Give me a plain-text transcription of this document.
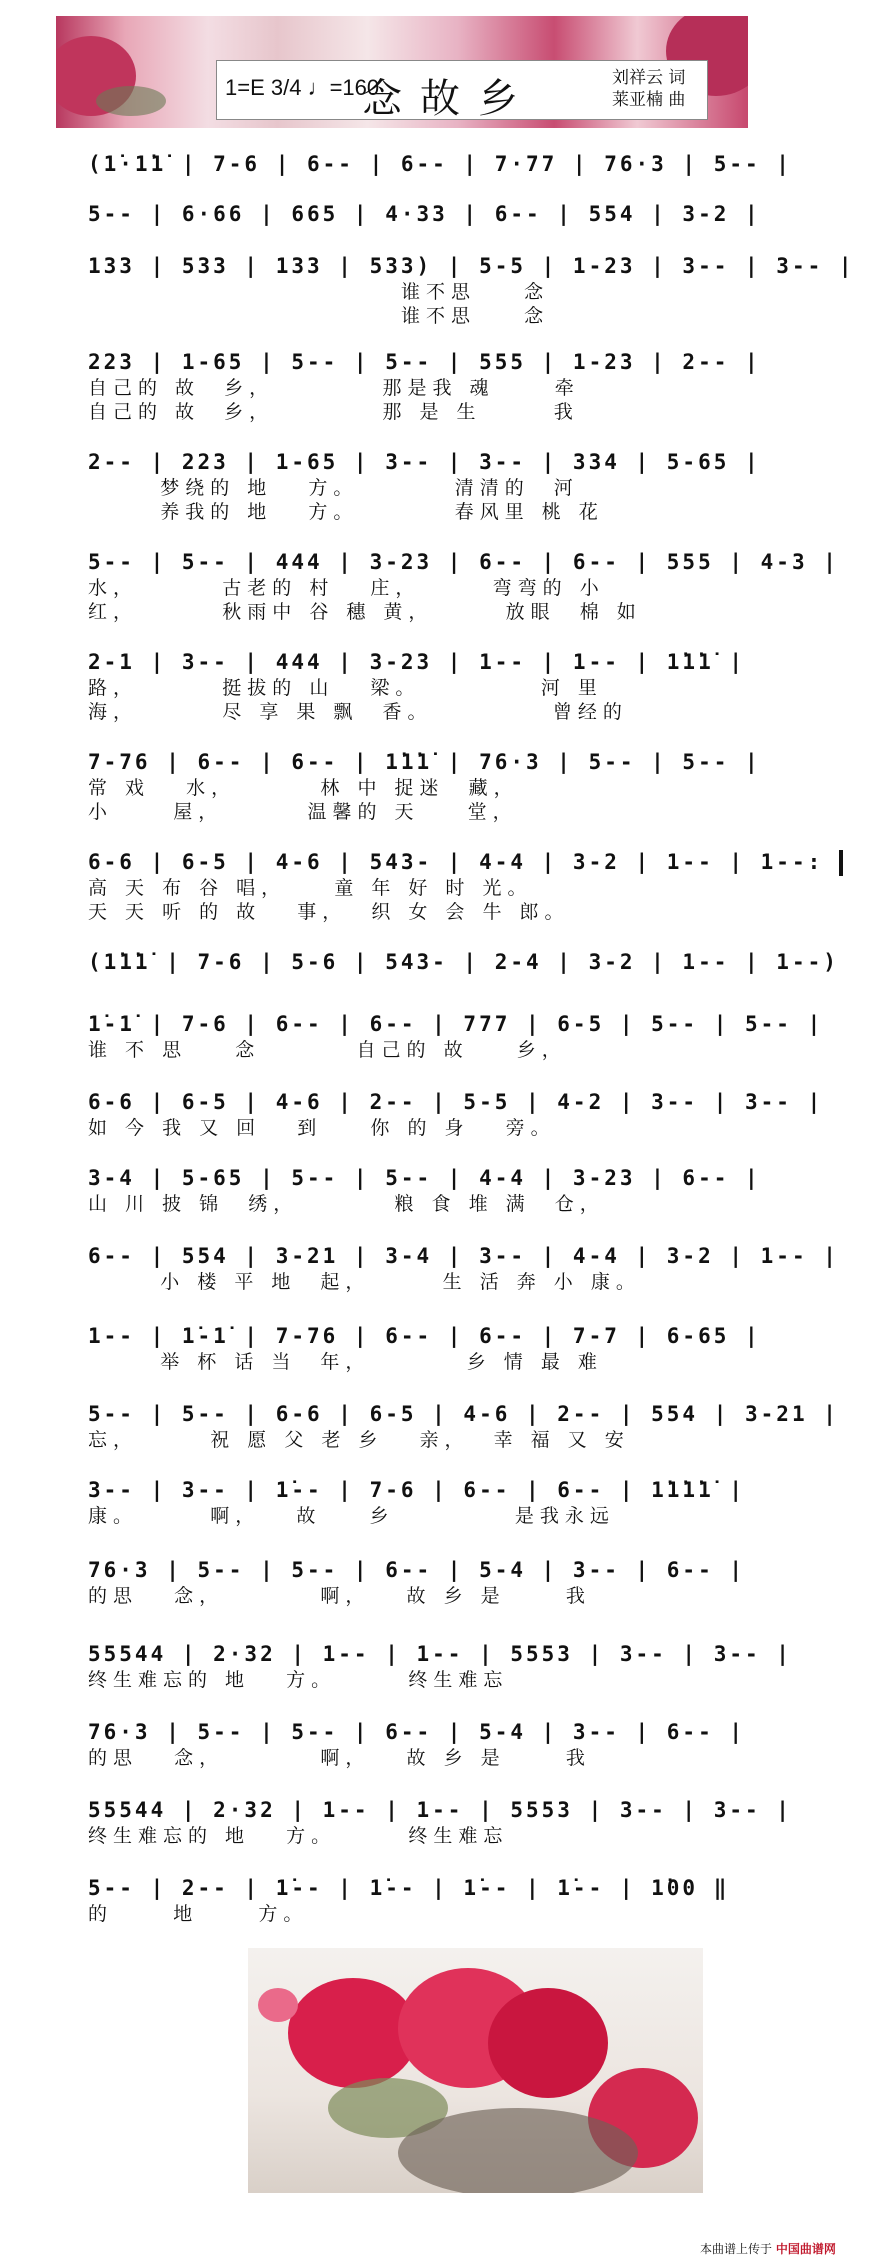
1=E 3/4 ♩=160
念故乡	刘祥云 词
莱亚楠 曲
(1̇·1̇1̇ | 7-6 | 6-- | 6-- | 7·77 | 76·3 | 5-- |
5-- | 6·66 | 665 | 4·33 | 6-- | 554 | 3-2 |
133 | 533 | 133 | 533) | 5-5 | 1-23 | 3-- | 3-- |
谁不思    念
谁不思    念
223 | 1-65 | 5-- | 5-- | 555 | 1-23 | 2-- |
自己的 故  乡，         那是我 魂     牵
自己的 故  乡，         那 是 生      我
2-- | 223 | 1-65 | 3-- | 3-- | 334 | 5-65 |
梦绕的 地   方。        清清的  河
养我的 地   方。        春风里 桃 花
5-- | 5-- | 444 | 3-23 | 6-- | 6-- | 555 | 4-3 |
水，       古老的 村   庄，      弯弯的 小
红，       秋雨中 谷 穗 黄，      放眼  棉 如
2-1 | 3-- | 444 | 3-23 | 1-- | 1-- | 1̇1̇1̇ |
路，       挺拔的 山   梁。          河 里
海，       尽 享 果 飘  香。          曾经的
7-76 | 6-- | 6-- | 1̇1̇1̇ | 76·3 | 5-- | 5-- |
常 戏   水，       林 中 捉迷  藏，
小     屋，       温馨的 天    堂，
6-6 | 6-5 | 4-6 | 543- | 4-4 | 3-2 | 1-- | 1--:
高 天 布 谷 唱，    童 年 好 时 光。
天 天 听 的 故   事，  织 女 会 牛 郎。
(1̇1̇1̇ | 7-6 | 5-6 | 543- | 2-4 | 3-2 | 1-- | 1--)
1̇-1̇ | 7-6 | 6-- | 6-- | 777 | 6-5 | 5-- | 5-- |
谁 不 思    念        自己的 故    乡，
6-6 | 6-5 | 4-6 | 2-- | 5-5 | 4-2 | 3-- | 3-- |
如 今 我 又 回   到    你 的 身   旁。
3-4 | 5-65 | 5-- | 5-- | 4-4 | 3-23 | 6-- |
山 川 披 锦  绣，        粮 食 堆 满  仓，
6-- | 554 | 3-21 | 3-4 | 3-- | 4-4 | 3-2 | 1-- |
小 楼 平 地  起，      生 活 奔 小 康。
1-- | 1̇-1̇ | 7-76 | 6-- | 6-- | 7-7 | 6-65 |
举 杯 话 当  年，        乡 情 最 难
5-- | 5-- | 6-6 | 6-5 | 4-6 | 2-- | 554 | 3-21 |
忘，      祝 愿 父 老 乡   亲，  幸 福 又 安
3-- | 3-- | 1̇-- | 7-6 | 6-- | 6-- | 1̇1̇1̇1̇ |
康。      啊，   故    乡          是我永远
76·3 | 5-- | 5-- | 6-- | 5-4 | 3-- | 6-- |
的思   念，        啊，   故 乡 是     我
55544 | 2·32 | 1-- | 1-- | 5553 | 3-- | 3-- |
终生难忘的 地   方。      终生难忘
76·3 | 5-- | 5-- | 6-- | 5-4 | 3-- | 6-- |
的思   念，        啊，   故 乡 是     我
55544 | 2·32 | 1-- | 1-- | 5553 | 3-- | 3-- |
终生难忘的 地   方。      终生难忘
5-- | 2-- | 1̇-- | 1̇-- | 1̇-- | 1̇-- | 1̇00 ‖
的     地     方。
本曲谱上传于 中国曲谱网
